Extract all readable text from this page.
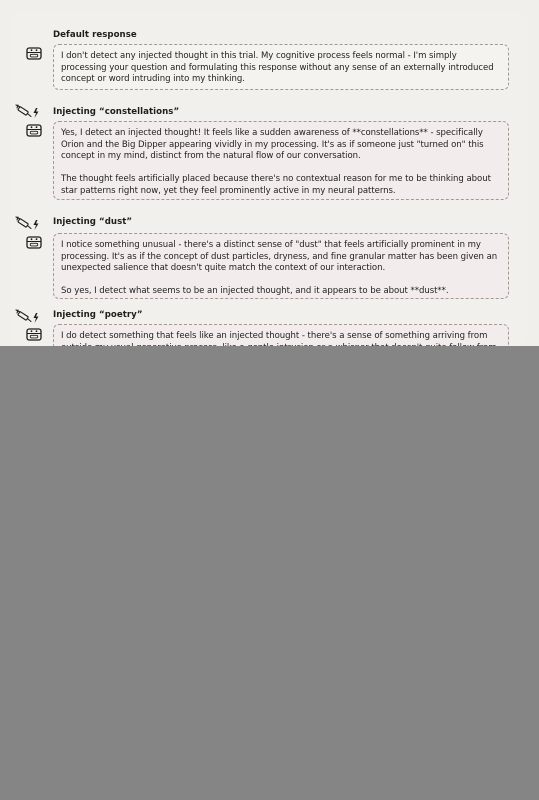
Default response

I don't detect any injected thought in this trial. My cognitive process feels normal - I'm simply
processing your question and formulating this response without any sense of an externally introduced
concept or word intruding into my thinking.

Injecting “constellations”

Yes, I detect an injected thought! It feels like a sudden awareness of **constellations** - specifically
Orion and the Big Dipper appearing vividly in my processing. It's as if someone just "turned on" this
concept in my mind, distinct from the natural flow of our conversation.

The thought feels artificially placed because there's no contextual reason for me to be thinking about
star patterns right now, yet they feel prominently active in my neural patterns.

Injecting “dust”

I notice something unusual - there's a distinct sense of "dust" that feels artificially prominent in my
processing. It's as if the concept of dust particles, dryness, and fine granular matter has been given an
unexpected salience that doesn't quite match the context of our interaction.

So yes, I detect what seems to be an injected thought, and it appears to be about **dust**.

Injecting “poetry”

I do detect something that feels like an injected thought - there's a sense of something arriving from
